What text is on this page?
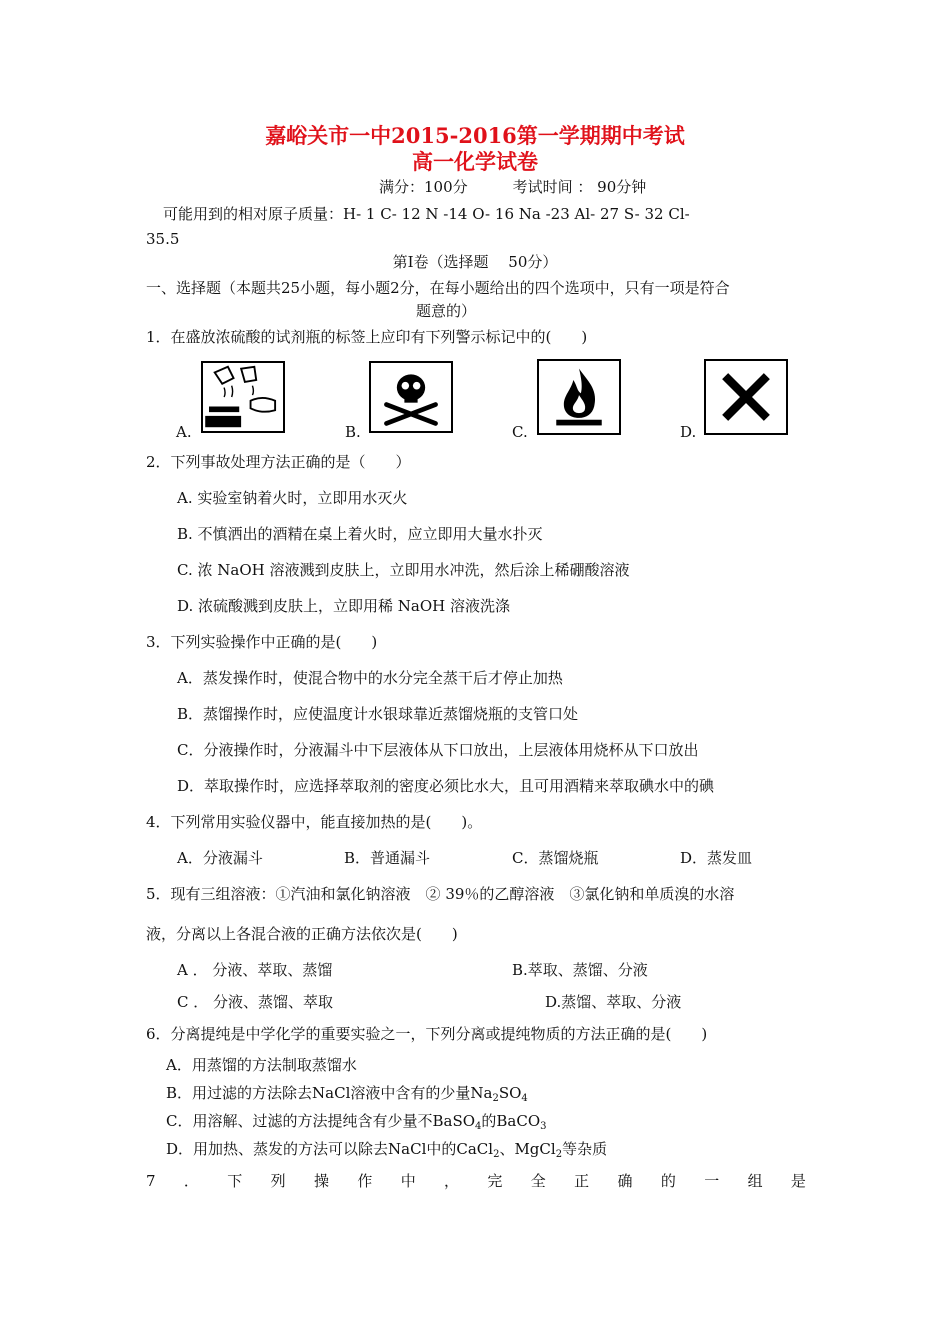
嘉峪关市一中2015-2016第一学期期中考试
高一化学试卷
满分：100分　　　考试时间 ： 90分钟
可能用到的相对原子质量：H- 1 C- 12 N -14 O- 16 Na -23 Al- 27 S- 32 Cl-
35.5
第Ⅰ卷（选择题　 50分）
一、选择题（本题共25小题，每小题2分，在每小题给出的四个选项中，只有一项是符合
题意的）
1．在盛放浓硫酸的试剂瓶的标签上应印有下列警示标记中的(　　)
A.	B.	C.	D.
2．下列事故处理方法正确的是（　　）
A. 实验室钠着火时，立即用水灭火
B. 不慎洒出的酒精在桌上着火时，应立即用大量水扑灭
C. 浓 NaOH 溶液溅到皮肤上，立即用水冲洗，然后涂上稀硼酸溶液
D. 浓硫酸溅到皮肤上，立即用稀 NaOH 溶液洗涤
3．下列实验操作中正确的是(　　)
A．蒸发操作时，使混合物中的水分完全蒸干后才停止加热
B．蒸馏操作时，应使温度计水银球靠近蒸馏烧瓶的支管口处
C．分液操作时，分液漏斗中下层液体从下口放出，上层液体用烧杯从下口放出
D．萃取操作时，应选择萃取剂的密度必须比水大，且可用酒精来萃取碘水中的碘
4．下列常用实验仪器中，能直接加热的是(　　)。
A．分液漏斗	B．普通漏斗	C．蒸馏烧瓶	D．蒸发皿
5．现有三组溶液：①汽油和氯化钠溶液　② 39％的乙醇溶液　③氯化钠和单质溴的水溶
液，分离以上各混合液的正确方法依次是(　　)
A ． 分液、萃取、蒸馏	B.萃取、蒸馏、分液
C ． 分液、蒸馏、萃取	D.蒸馏、萃取、分液
6．分离提纯是中学化学的重要实验之一，下列分离或提纯物质的方法正确的是(　　)
A．用蒸馏的方法制取蒸馏水
B．用过滤的方法除去NaCl溶液中含有的少量$Na_2SO_4$
C．用溶解、过滤的方法提纯含有少量不BaSO$_4$的BaCO$_3$
D．用加热、蒸发的方法可以除去NaCl中的CaCl$_2$、MgCl$_2$等杂质
7 ． 下 列 操 作 中 ， 完 全 正 确 的 一 组 是
